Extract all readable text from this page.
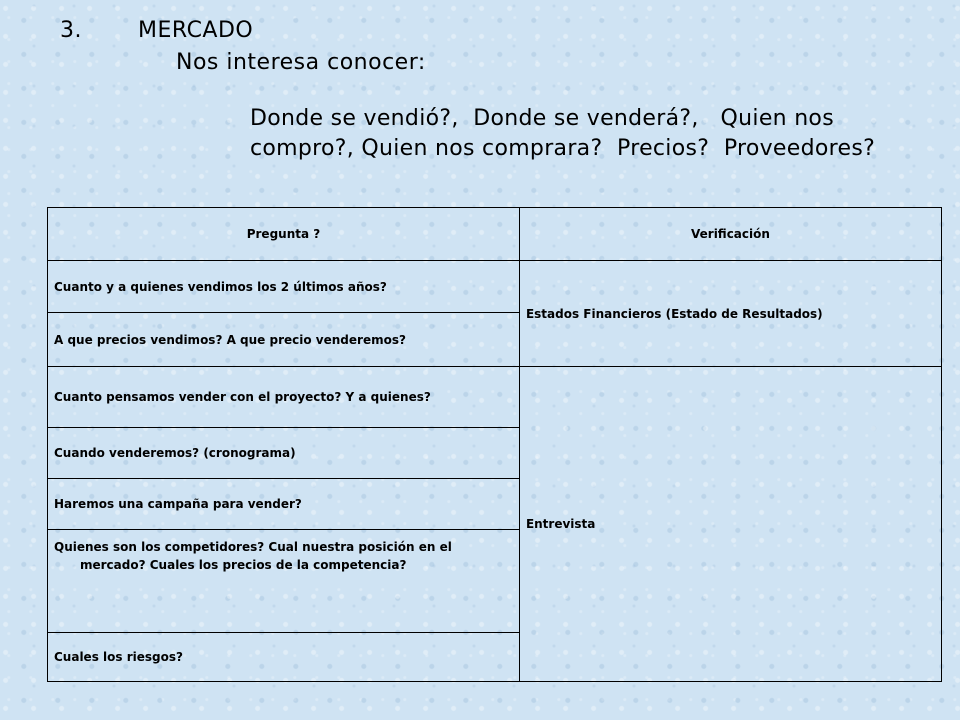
3.	MERCADO
Nos interesa conocer:
Donde se vendió?, Donde se venderá?, Quien nos
compro?, Quien nos comprara? Precios? Proveedores?
Pregunta ?	Verificación
Cuanto y a quienes vendimos los 2 últimos años?	Estados Financieros (Estado de Resultados)
A que precios vendimos? A que precio venderemos?	
Cuanto pensamos vender con el proyecto? Y a quienes?	Entrevista
Cuando venderemos? (cronograma)	
Haremos una campaña para vender?	

Quienes son los competidores? Cual nuestra posición en el mercado? Cuales los precios de la competencia?	

Cuales los riesgos?	
